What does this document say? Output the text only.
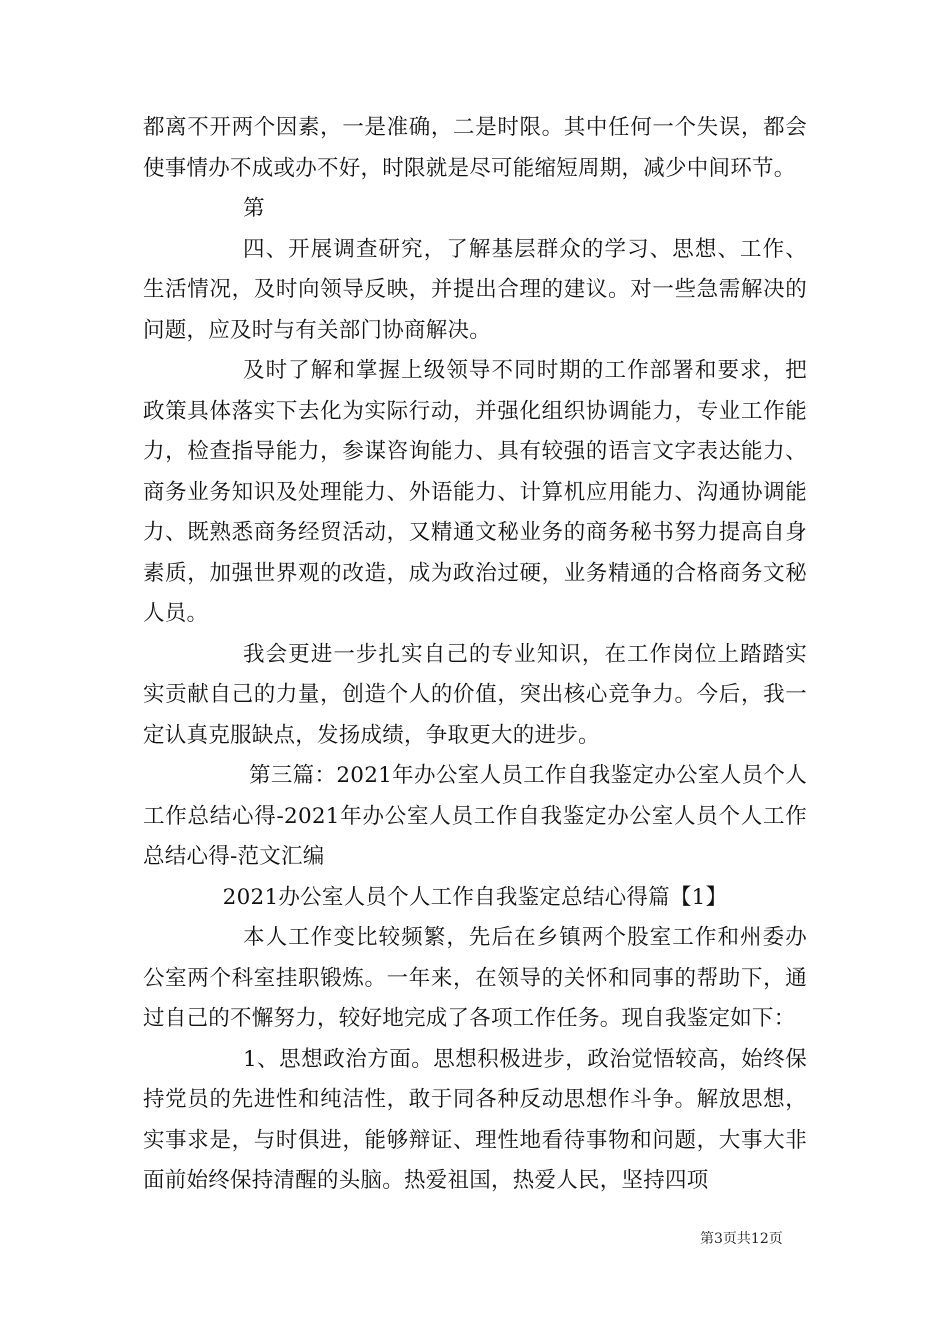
都离不开两个因素，一是准确，二是时限。其中任何一个失误，都会使事情办不成或办不好，时限就是尽可能缩短周期，减少中间环节。

第

四、开展调查研究，了解基层群众的学习、思想、工作、生活情况，及时向领导反映，并提出合理的建议。对一些急需解决的问题，应及时与有关部门协商解决。

及时了解和掌握上级领导不同时期的工作部署和要求，把政策具体落实下去化为实际行动，并强化组织协调能力，专业工作能力，检查指导能力，参谋咨询能力、具有较强的语言文字表达能力、商务业务知识及处理能力、外语能力、计算机应用能力、沟通协调能力、既熟悉商务经贸活动，又精通文秘业务的商务秘书努力提高自身素质，加强世界观的改造，成为政治过硬，业务精通的合格商务文秘人员。

我会更进一步扎实自己的专业知识，在工作岗位上踏踏实实贡献自己的力量，创造个人的价值，突出核心竞争力。今后，我一定认真克服缺点，发扬成绩，争取更大的进步。

第三篇：2021年办公室人员工作自我鉴定办公室人员个人工作总结心得-2021年办公室人员工作自我鉴定办公室人员个人工作总结心得-范文汇编

2021办公室人员个人工作自我鉴定总结心得篇【1】

本人工作变比较频繁，先后在乡镇两个股室工作和州委办公室两个科室挂职锻炼。一年来，在领导的关怀和同事的帮助下，通过自己的不懈努力，较好地完成了各项工作任务。现自我鉴定如下：

1、思想政治方面。思想积极进步，政治觉悟较高，始终保持党员的先进性和纯洁性，敢于同各种反动思想作斗争。解放思想，实事求是，与时俱进，能够辩证、理性地看待事物和问题，大事大非面前始终保持清醒的头脑。热爱祖国，热爱人民，坚持四项

第3页共12页
